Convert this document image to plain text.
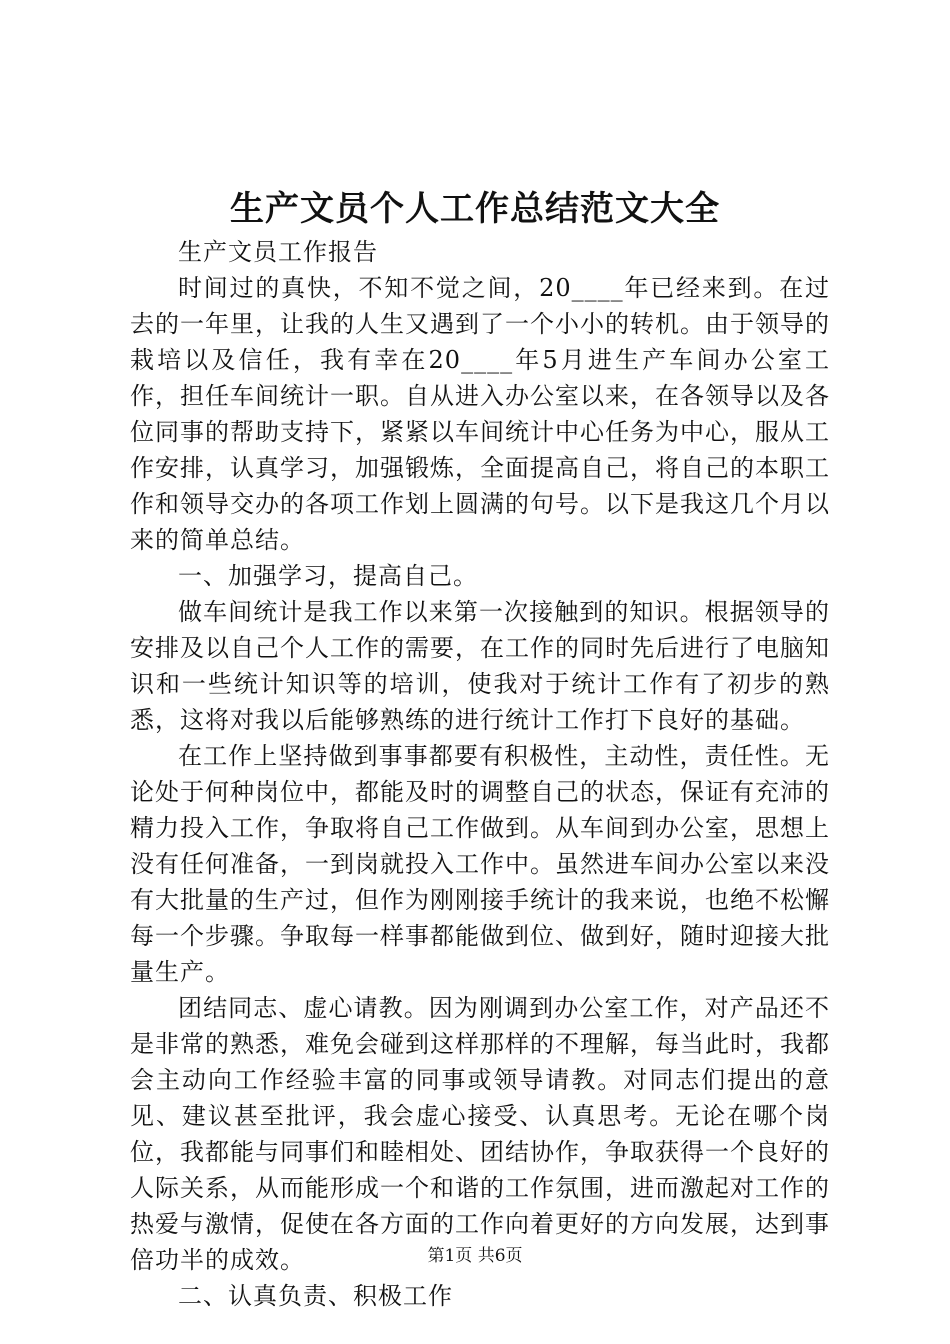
生产文员个人工作总结范文大全

生产文员工作报告

时间过的真快，不知不觉之间，20____年已经来到。在过去的一年里，让我的人生又遇到了一个小小的转机。由于领导的栽培以及信任，我有幸在20____年5月进生产车间办公室工作，担任车间统计一职。自从进入办公室以来，在各领导以及各位同事的帮助支持下，紧紧以车间统计中心任务为中心，服从工作安排，认真学习，加强锻炼，全面提高自己，将自己的本职工作和领导交办的各项工作划上圆满的句号。以下是我这几个月以来的简单总结。

一、加强学习，提高自己。

做车间统计是我工作以来第一次接触到的知识。根据领导的安排及以自己个人工作的需要，在工作的同时先后进行了电脑知识和一些统计知识等的培训，使我对于统计工作有了初步的熟悉，这将对我以后能够熟练的进行统计工作打下良好的基础。

在工作上坚持做到事事都要有积极性，主动性，责任性。无论处于何种岗位中，都能及时的调整自己的状态，保证有充沛的精力投入工作，争取将自己工作做到。从车间到办公室，思想上没有任何准备，一到岗就投入工作中。虽然进车间办公室以来没有大批量的生产过，但作为刚刚接手统计的我来说，也绝不松懈每一个步骤。争取每一样事都能做到位、做到好，随时迎接大批量生产。

团结同志、虚心请教。因为刚调到办公室工作，对产品还不是非常的熟悉，难免会碰到这样那样的不理解，每当此时，我都会主动向工作经验丰富的同事或领导请教。对同志们提出的意见、建议甚至批评，我会虚心接受、认真思考。无论在哪个岗位，我都能与同事们和睦相处、团结协作，争取获得一个良好的人际关系，从而能形成一个和谐的工作氛围，进而激起对工作的热爱与激情，促使在各方面的工作向着更好的方向发展，达到事倍功半的成效。

二、认真负责、积极工作

第1页 共6页
